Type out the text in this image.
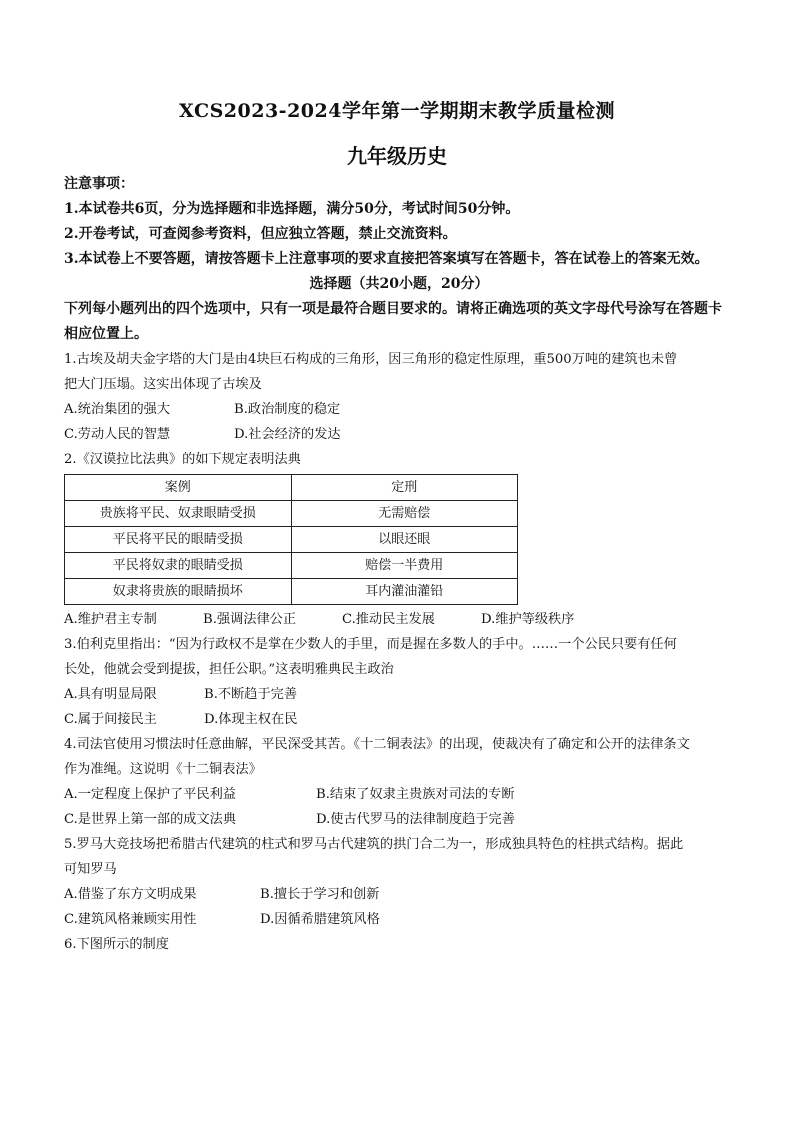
XCS2023-2024学年第一学期期末教学质量检测
九年级历史
注意事项：
1.本试卷共6页，分为选择题和非选择题，满分50分，考试时间50分钟。
2.开卷考试，可查阅参考资料，但应独立答题，禁止交流资料。
3.本试卷上不要答题，请按答题卡上注意事项的要求直接把答案填写在答题卡，答在试卷上的答案无效。
选择题（共20小题，20分）
下列每小题列出的四个选项中，只有一项是最符合题目要求的。请将正确选项的英文字母代号涂写在答题卡相应位置上。
1.古埃及胡夫金字塔的大门是由4块巨石构成的三角形，因三角形的稳定性原理，重500万吨的建筑也未曾
把大门压塌。这实出体现了古埃及
A.统治集团的强大	B.政治制度的稳定
C.劳动人民的智慧	D.社会经济的发达
2.《汉谟拉比法典》的如下规定表明法典
案例	定刑
贵族将平民、奴隶眼睛受损	无需赔偿
平民将平民的眼睛受损	以眼还眼
平民将奴隶的眼睛受损	赔偿一半费用
奴隶将贵族的眼睛损坏	耳内灌油灌铅
A.维护君主专制	B.强调法律公正	C.推动民主发展	D.维护等级秩序
3.伯利克里指出：“因为行政权不是掌在少数人的手里，而是握在多数人的手中。……一个公民只要有任何
长处，他就会受到提拔，担任公职。”这表明雅典民主政治
A.具有明显局限	B.不断趋于完善
C.属于间接民主	D.体现主权在民
4.司法官使用习惯法时任意曲解，平民深受其苦。《十二铜表法》的出现，使裁决有了确定和公开的法律条文
作为准绳。这说明《十二铜表法》
A.一定程度上保护了平民利益	B.结束了奴隶主贵族对司法的专断
C.是世界上第一部的成文法典	D.使古代罗马的法律制度趋于完善
5.罗马大竞技场把希腊古代建筑的柱式和罗马古代建筑的拱门合二为一，形成独具特色的柱拱式结构。据此
可知罗马
A.借鉴了东方文明成果	B.擅长于学习和创新
C.建筑风格兼顾实用性	D.因循希腊建筑风格
6.下图所示的制度
